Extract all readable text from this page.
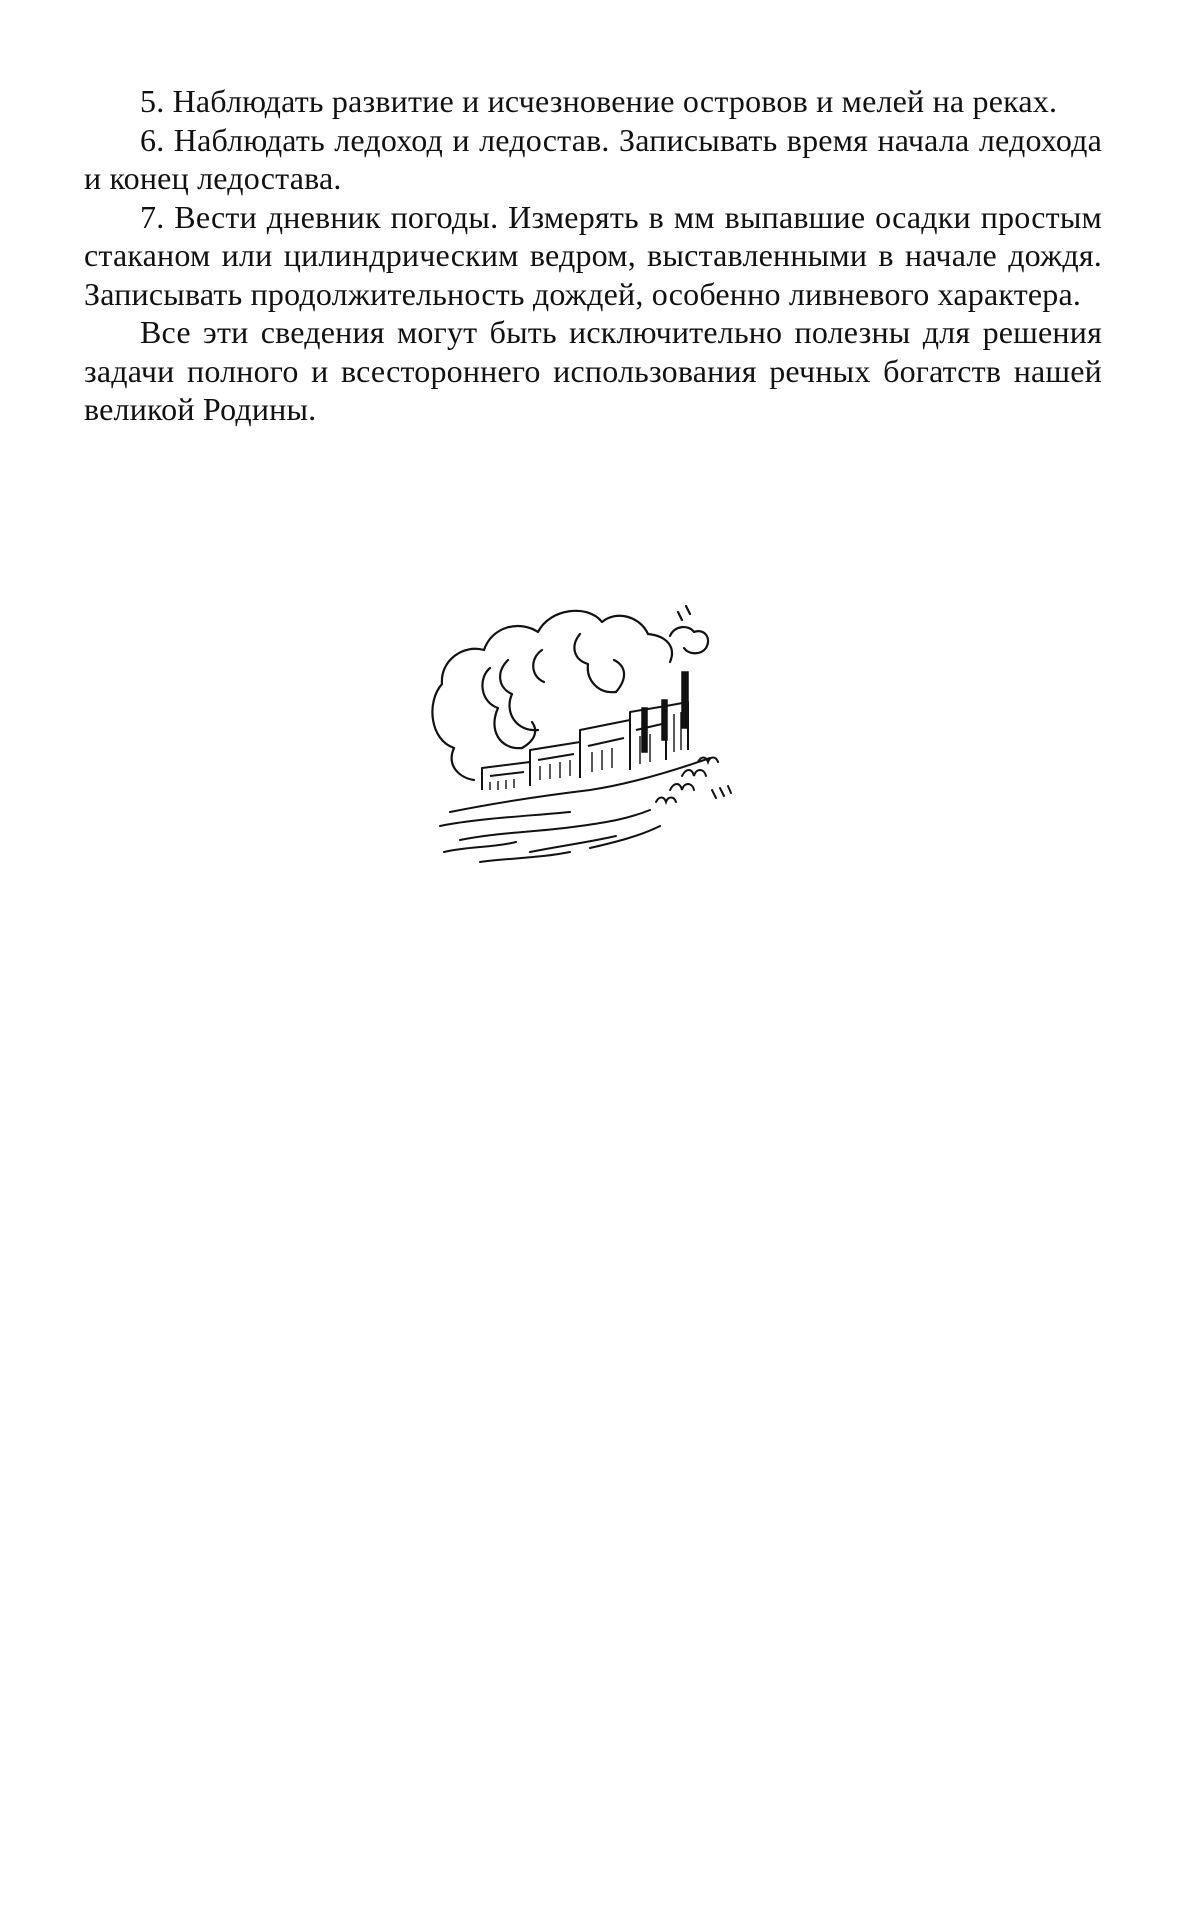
5. Наблюдать развитие и исчезновение островов и мелей на реках.

6. Наблюдать ледоход и ледостав. Записывать время начала ледохода и конец ледостава.

7. Вести дневник погоды. Измерять в мм выпавшие осадки простым стаканом или цилиндрическим ведром, выставленными в начале дождя. Записывать продолжительность дождей, особенно ливневого характера.

Все эти сведения могут быть исключительно полезны для решения задачи полного и всестороннего использования речных богатств нашей великой Родины.
